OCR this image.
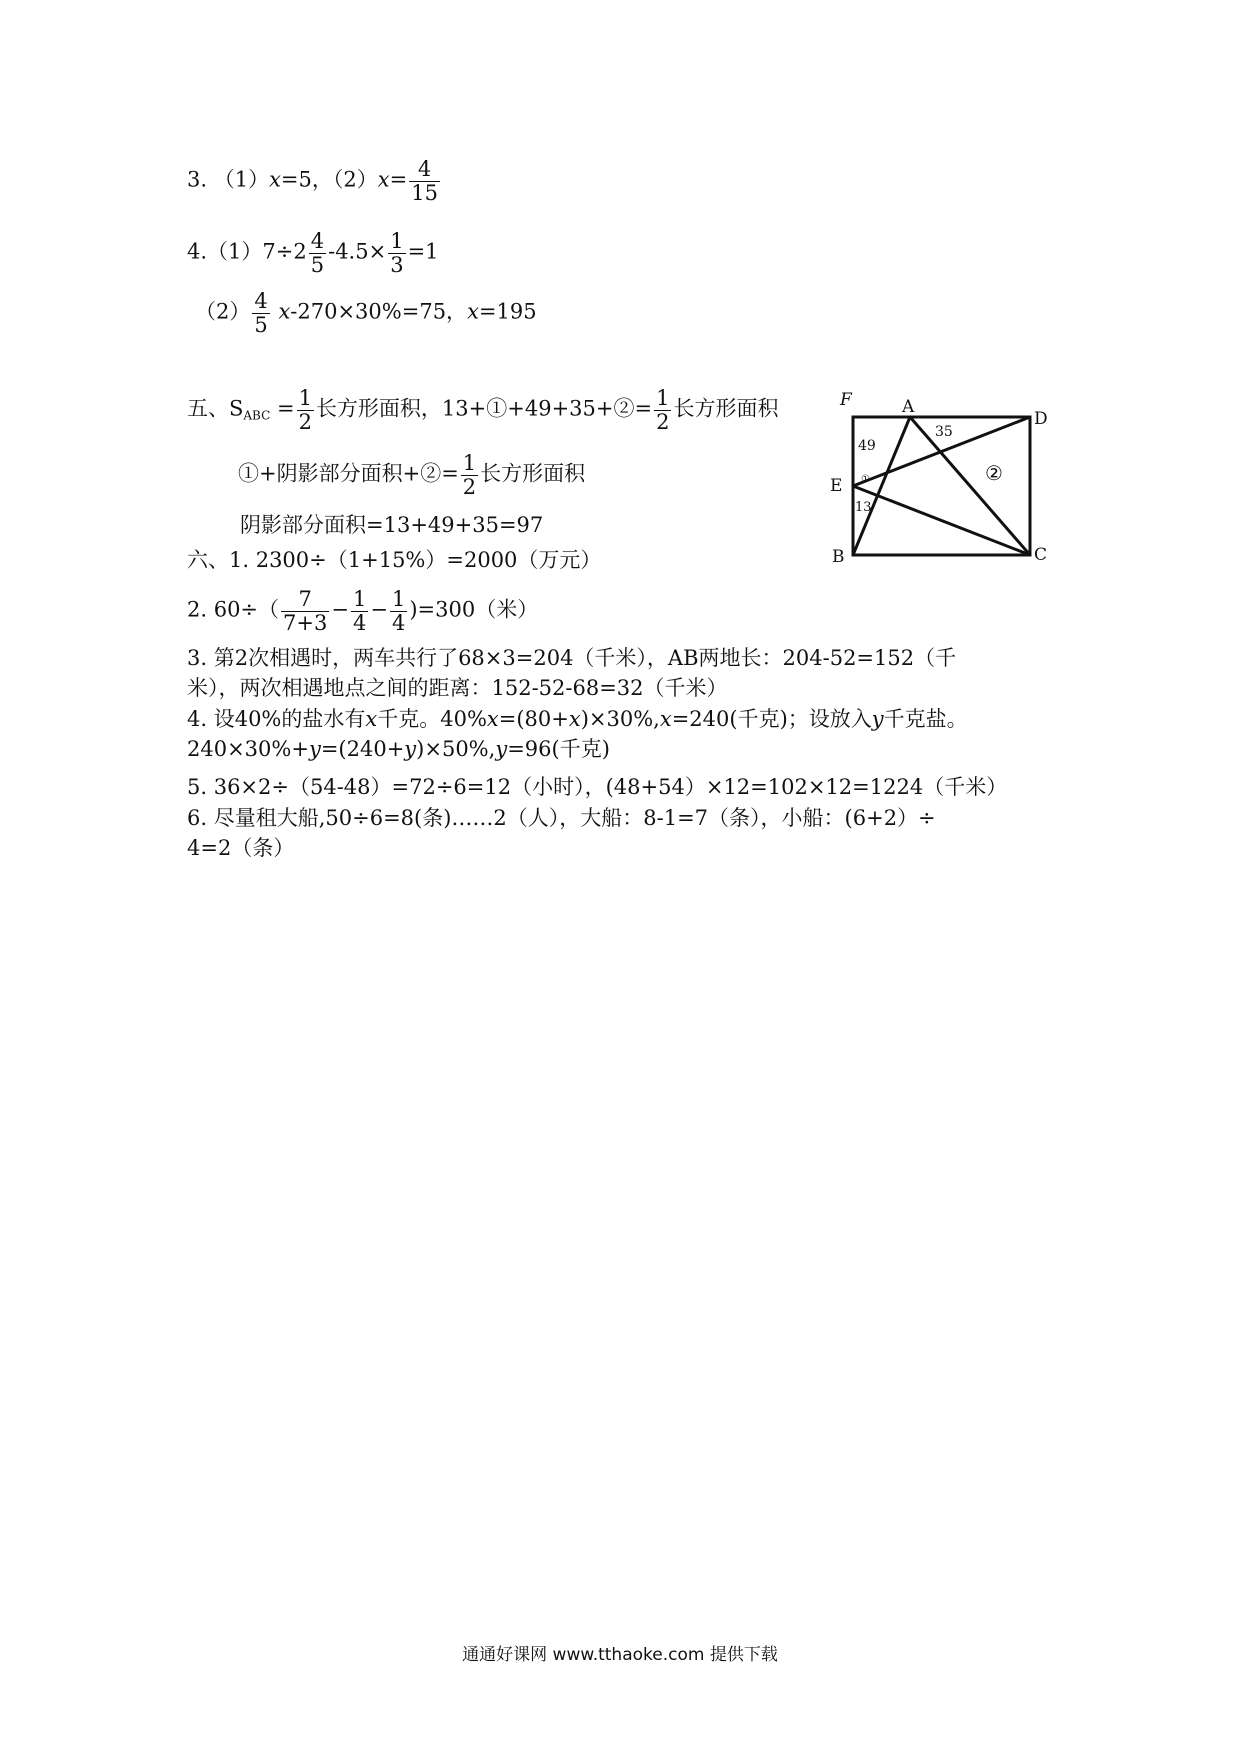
3. （1）x=5，$(2)x= \frac{4}{15}$
$4.(1)7\div 2 \frac{4}{5} -4.5\times \frac{1}{3} =1$
$(2) \frac{4}{5} x-270\times 30\%=75$，x=195
五、$S_{ABC} = \frac{1}{2}$ 长方形面积，13+①+49+35+②= $\frac{1}{2}$ 长方形面积
①+阴影部分面积+②= $\frac{1}{2}$ 长方形面积
阴影部分面积=13+49+35=97
六、1. 2300÷（1+15%）=2000（万元）
2. $60\div( \frac{7}{7+3} - \frac{1}{4} - \frac{1}{4} )=300$（米）
3. 第2次相遇时，两车共行了68×3=204（千米），AB两地长：204-52=152（千
米），两次相遇地点之间的距离：152-52-68=32（千米）
4. 设40%的盐水有x千克。40%x=(80+x)×30%,x=240(千克)；设放入y千克盐。
240×30%+y=(240+y)×50%,y=96(千克)
5. 36×2÷（54-48）=72÷6=12（小时），(48+54）×12=102×12=1224（千米）
6. 尽量租大船,50÷6=8(条)……2（人），大船：8-1=7（条），小船：(6+2）÷
4=2（条）
F	A
D
E
B	C
49
35
13
①	②
通通好课网 www.tthaoke.com 提供下载
